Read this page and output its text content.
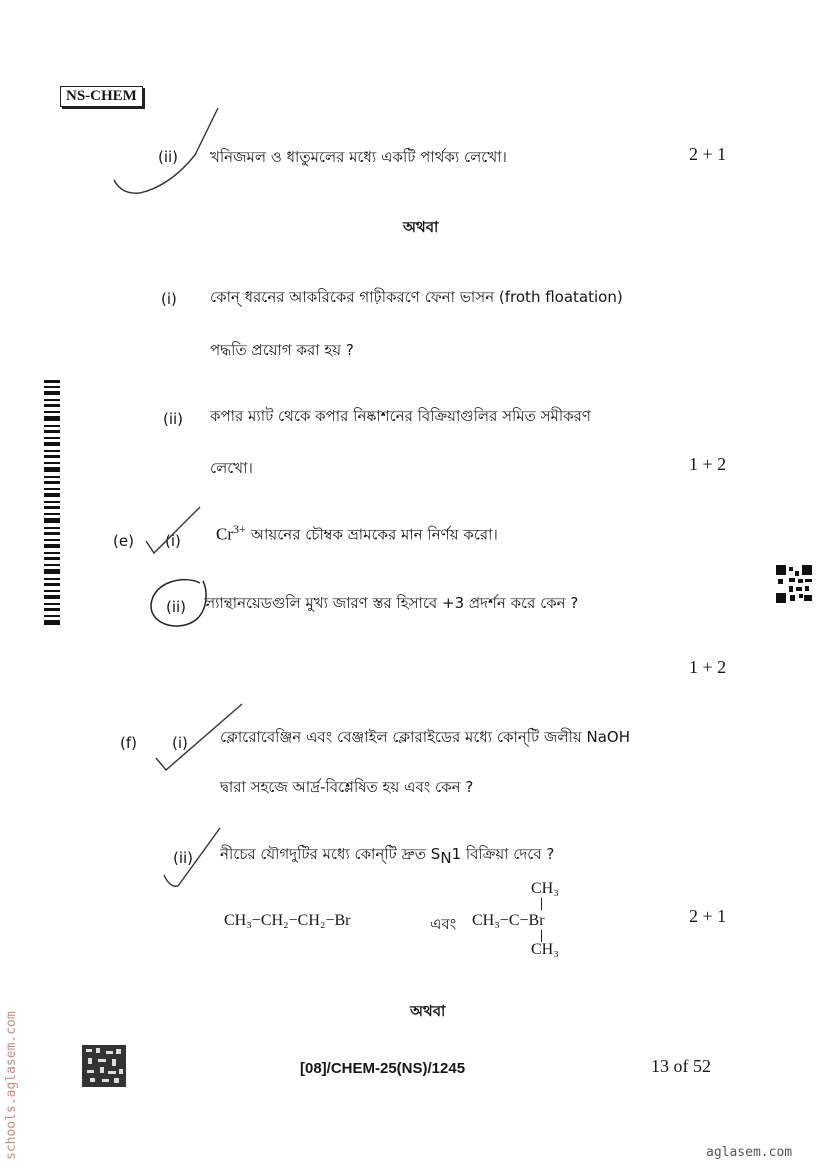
NS-CHEM
schools.aglasem.com
(ii) খনিজমল ও ধাতুমলের মধ্যে একটি পার্থক্য লেখো।	2 + 1
অথবা
(i) কোন্ ধরনের আকরিকের গাঢ়ীকরণে ফেনা ভাসন (froth floatation)
পদ্ধতি প্রয়োগ করা হয় ?
(ii) কপার ম্যাট থেকে কপার নিষ্কাশনের বিক্রিয়াগুলির সমিত সমীকরণ
লেখো।	1 + 2
(e) (i) $Cr^{3+}$ আয়নের চৌম্বক ভ্রামকের মান নির্ণয় করো।
(ii) ল্যান্থানয়েডগুলি মুখ্য জারণ স্তর হিসাবে +3 প্রদর্শন করে কেন ?
1 + 2
(f) (i) ক্লোরোবেঞ্জিন এবং বেঞ্জাইল ক্লোরাইডের মধ্যে কোন্‌টি জলীয় NaOH
দ্বারা সহজে আর্দ্র-বিশ্লেষিত হয় এবং কেন ?
(ii) নীচের যৌগদুটির মধ্যে কোন্‌টি দ্রুত $S_N1$ বিক্রিয়া দেবে ?
CH₃−CH₂−CH₂−Br	এবং
CH₃
CH₃−C−Br
CH₃
2 + 1
অথবা
[08]/CHEM-25(NS)/1245	13 of 52
aglasem.com
